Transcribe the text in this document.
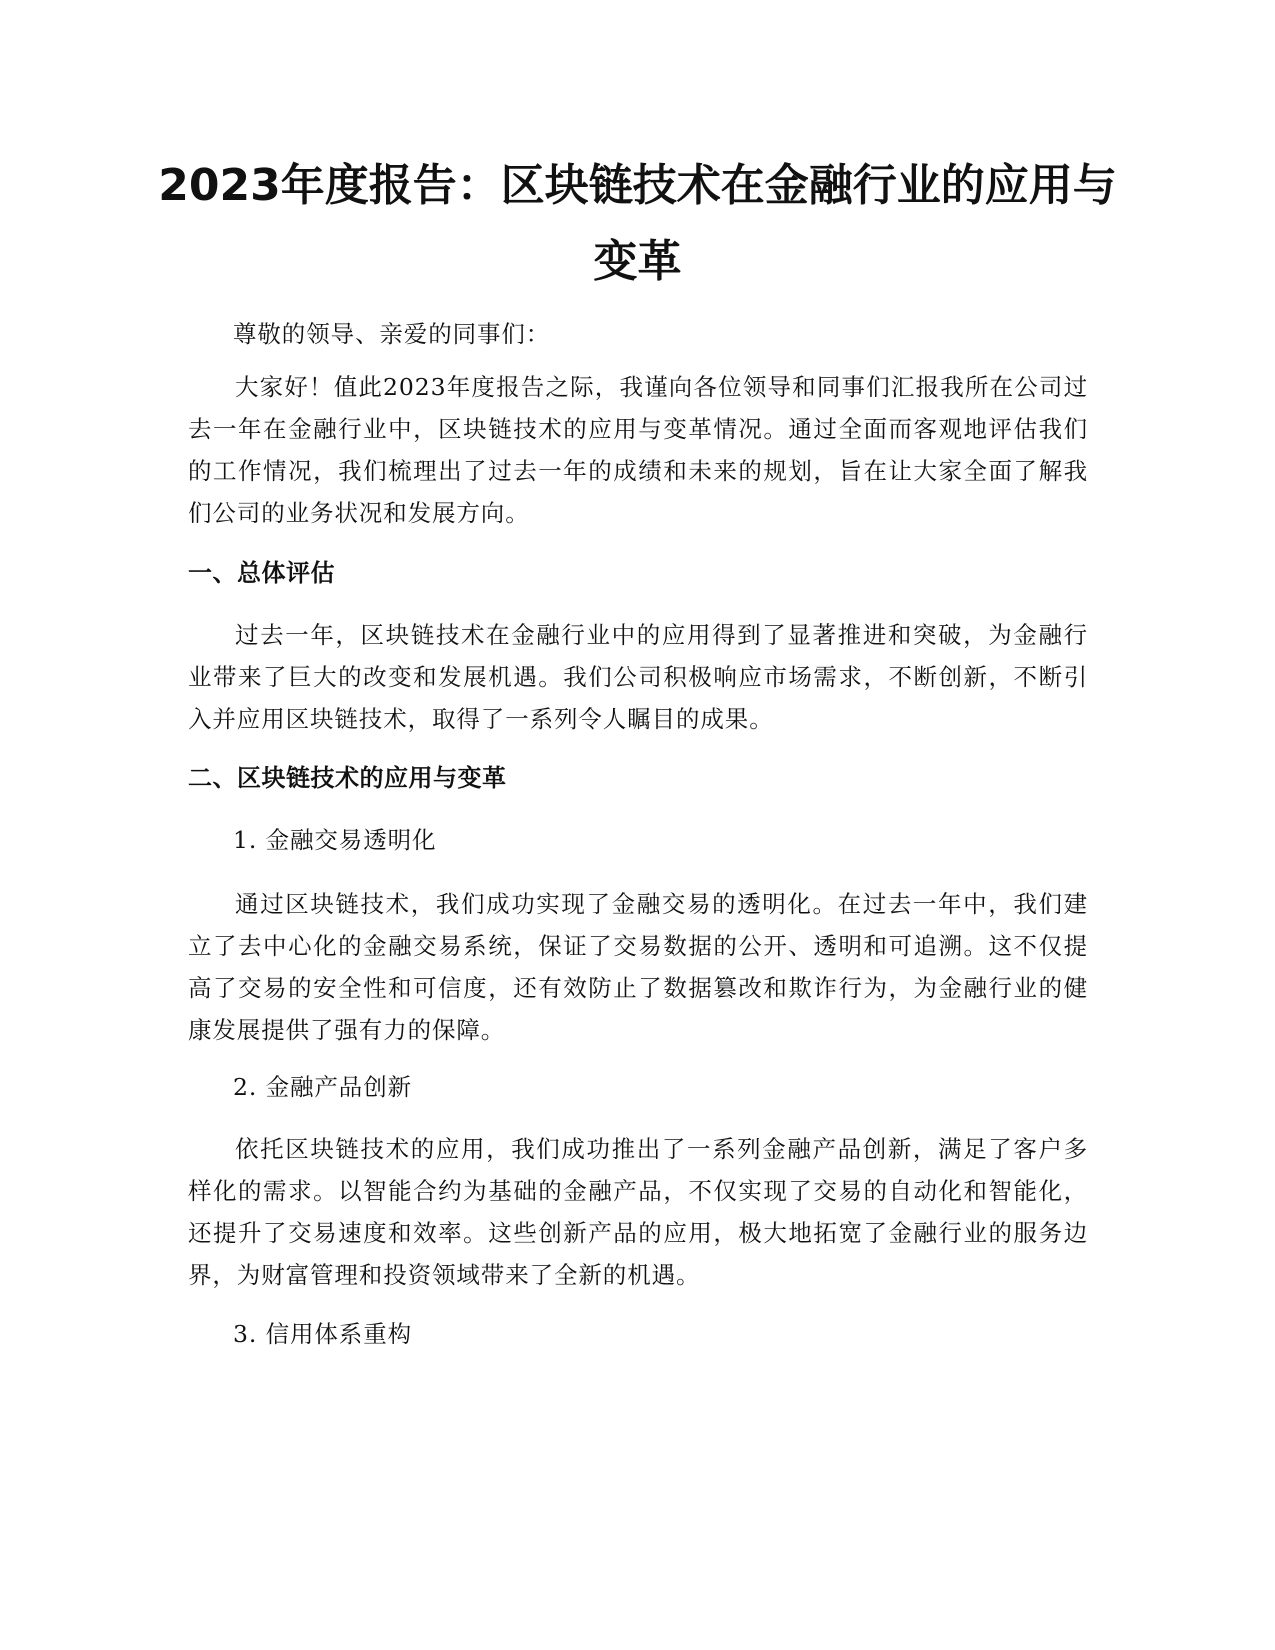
2023年度报告：区块链技术在金融行业的应用与变革

尊敬的领导、亲爱的同事们：

大家好！值此2023年度报告之际，我谨向各位领导和同事们汇报我所在公司过去一年在金融行业中，区块链技术的应用与变革情况。通过全面而客观地评估我们的工作情况，我们梳理出了过去一年的成绩和未来的规划，旨在让大家全面了解我们公司的业务状况和发展方向。

一、总体评估

过去一年，区块链技术在金融行业中的应用得到了显著推进和突破，为金融行业带来了巨大的改变和发展机遇。我们公司积极响应市场需求，不断创新，不断引入并应用区块链技术，取得了一系列令人瞩目的成果。

二、区块链技术的应用与变革

1. 金融交易透明化

通过区块链技术，我们成功实现了金融交易的透明化。在过去一年中，我们建立了去中心化的金融交易系统，保证了交易数据的公开、透明和可追溯。这不仅提高了交易的安全性和可信度，还有效防止了数据篡改和欺诈行为，为金融行业的健康发展提供了强有力的保障。

2. 金融产品创新

依托区块链技术的应用，我们成功推出了一系列金融产品创新，满足了客户多样化的需求。以智能合约为基础的金融产品，不仅实现了交易的自动化和智能化，还提升了交易速度和效率。这些创新产品的应用，极大地拓宽了金融行业的服务边界，为财富管理和投资领域带来了全新的机遇。

3. 信用体系重构
